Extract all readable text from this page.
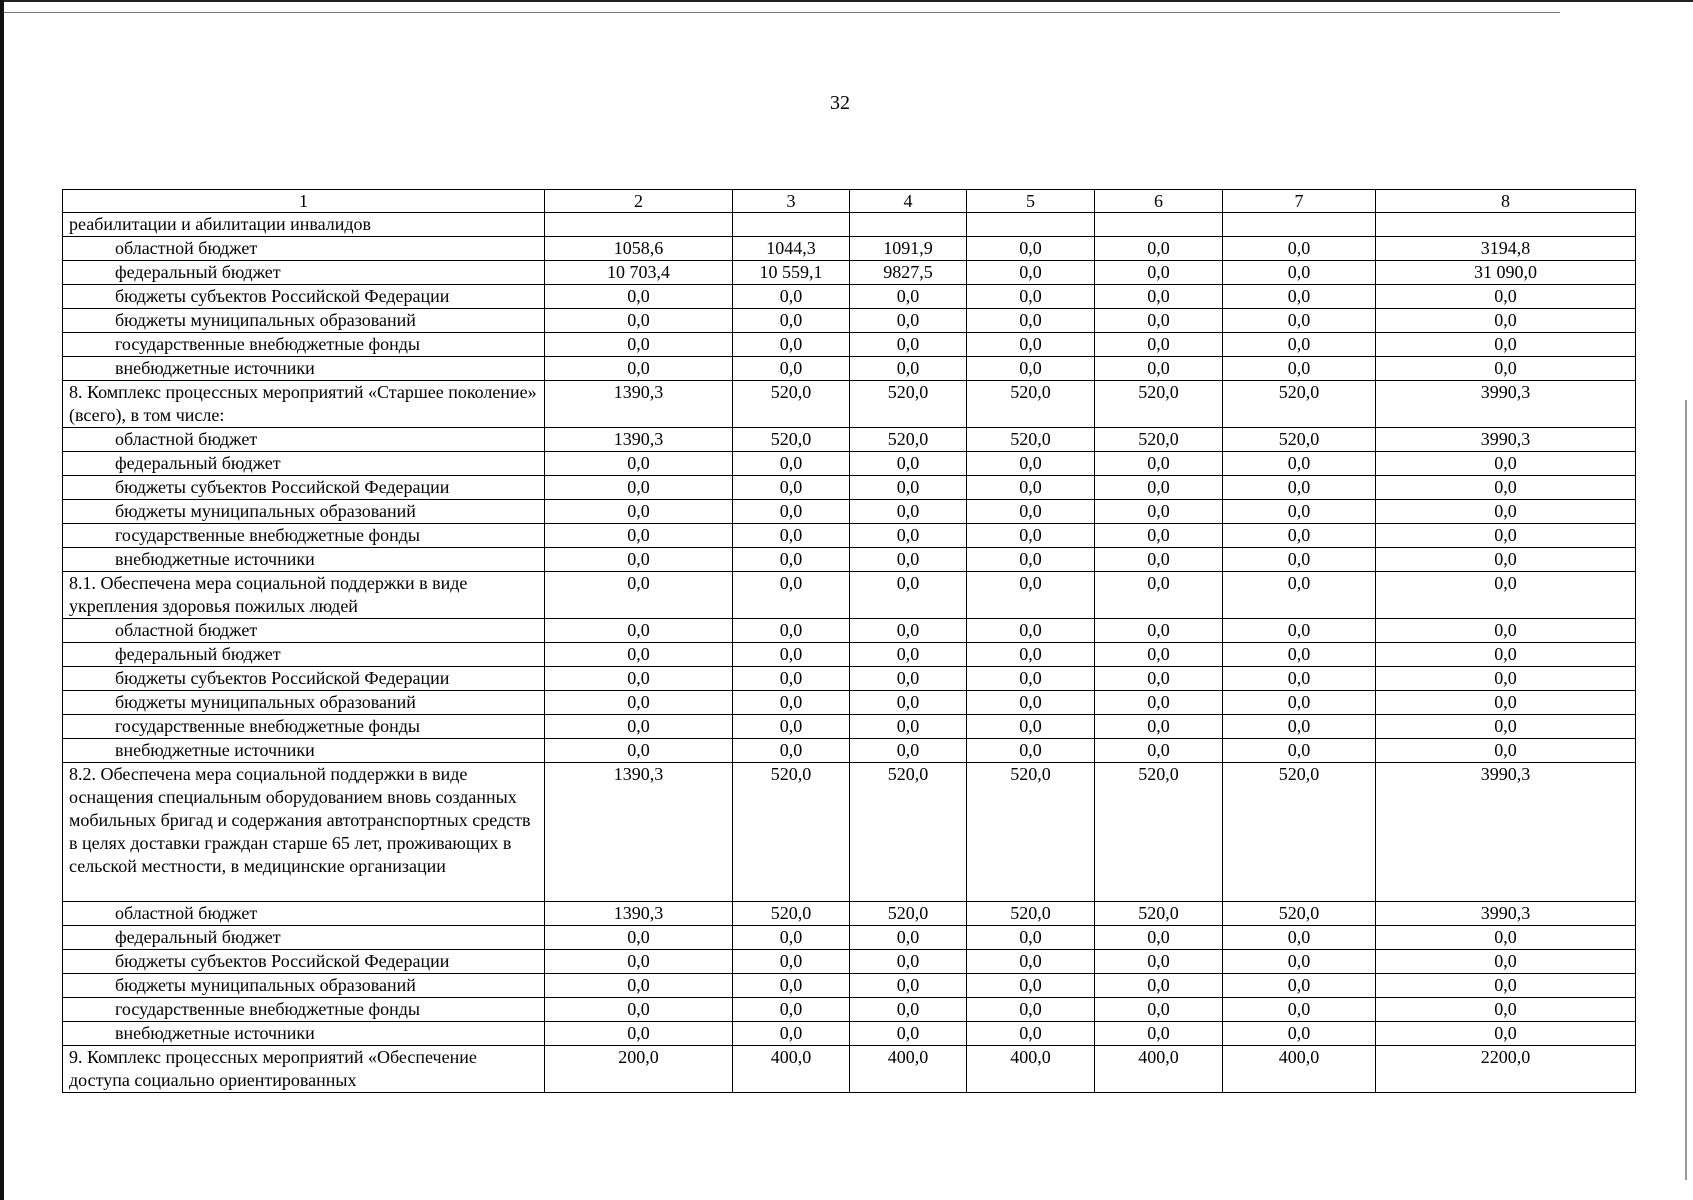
32
1	2	3	4	5	6	7	8
реабилитации и абилитации инвалидов							
областной бюджет	1058,6	1044,3	1091,9	0,0	0,0	0,0	3194,8
федеральный бюджет	10 703,4	10 559,1	9827,5	0,0	0,0	0,0	31 090,0
бюджеты субъектов Российской Федерации	0,0	0,0	0,0	0,0	0,0	0,0	0,0
бюджеты муниципальных образований	0,0	0,0	0,0	0,0	0,0	0,0	0,0
государственные внебюджетные фонды	0,0	0,0	0,0	0,0	0,0	0,0	0,0
внебюджетные источники	0,0	0,0	0,0	0,0	0,0	0,0	0,0
8. Комплекс процессных мероприятий «Старшее поколение» (всего), в том числе:	1390,3	520,0	520,0	520,0	520,0	520,0	3990,3
областной бюджет	1390,3	520,0	520,0	520,0	520,0	520,0	3990,3
федеральный бюджет	0,0	0,0	0,0	0,0	0,0	0,0	0,0
бюджеты субъектов Российской Федерации	0,0	0,0	0,0	0,0	0,0	0,0	0,0
бюджеты муниципальных образований	0,0	0,0	0,0	0,0	0,0	0,0	0,0
государственные внебюджетные фонды	0,0	0,0	0,0	0,0	0,0	0,0	0,0
внебюджетные источники	0,0	0,0	0,0	0,0	0,0	0,0	0,0
8.1. Обеспечена мера социальной поддержки в виде укрепления здоровья пожилых людей	0,0	0,0	0,0	0,0	0,0	0,0	0,0
областной бюджет	0,0	0,0	0,0	0,0	0,0	0,0	0,0
федеральный бюджет	0,0	0,0	0,0	0,0	0,0	0,0	0,0
бюджеты субъектов Российской Федерации	0,0	0,0	0,0	0,0	0,0	0,0	0,0
бюджеты муниципальных образований	0,0	0,0	0,0	0,0	0,0	0,0	0,0
государственные внебюджетные фонды	0,0	0,0	0,0	0,0	0,0	0,0	0,0
внебюджетные источники	0,0	0,0	0,0	0,0	0,0	0,0	0,0
8.2. Обеспечена мера социальной поддержки в виде оснащения специальным оборудованием вновь созданных мобильных бригад и содержания автотранспортных средств в целях доставки граждан старше 65 лет, проживающих в сельской местности, в медицинские организации	1390,3	520,0	520,0	520,0	520,0	520,0	3990,3
областной бюджет	1390,3	520,0	520,0	520,0	520,0	520,0	3990,3
федеральный бюджет	0,0	0,0	0,0	0,0	0,0	0,0	0,0
бюджеты субъектов Российской Федерации	0,0	0,0	0,0	0,0	0,0	0,0	0,0
бюджеты муниципальных образований	0,0	0,0	0,0	0,0	0,0	0,0	0,0
государственные внебюджетные фонды	0,0	0,0	0,0	0,0	0,0	0,0	0,0
внебюджетные источники	0,0	0,0	0,0	0,0	0,0	0,0	0,0
9. Комплекс процессных мероприятий «Обеспечение доступа социально ориентированных	200,0	400,0	400,0	400,0	400,0	400,0	2200,0
